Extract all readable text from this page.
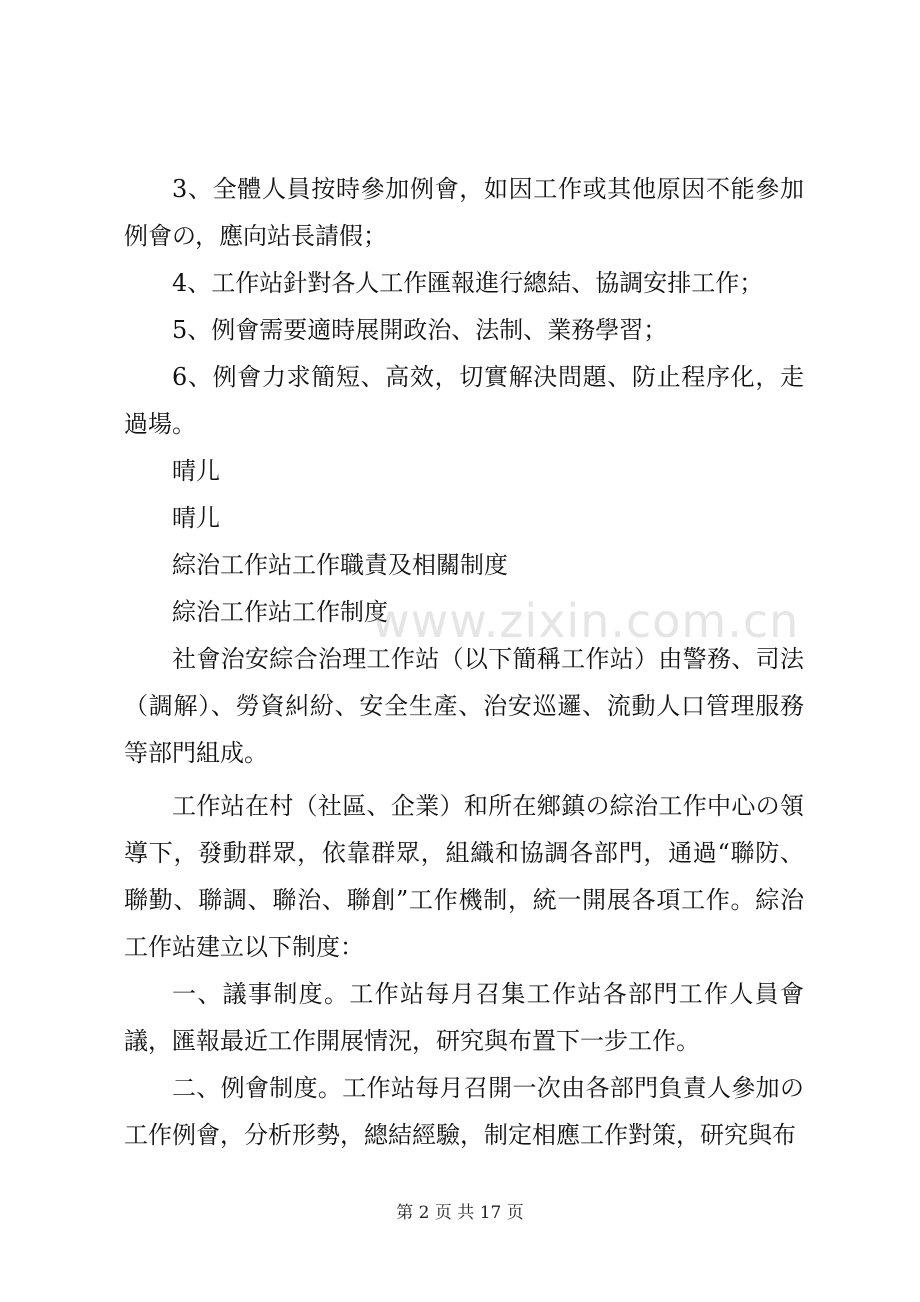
3、全體人員按時參加例會，如因工作或其他原因不能參加例會の，應向站長請假；

4、工作站針對各人工作匯報進行總結、協調安排工作；

5、例會需要適時展開政治、法制、業務學習；

6、例會力求簡短、高效，切實解決問題、防止程序化，走過場。

晴儿

晴儿

綜治工作站工作職責及相關制度

綜治工作站工作制度

社會治安綜合治理工作站（以下簡稱工作站）由警務、司法（調解）、勞資糾紛、安全生產、治安巡邏、流動人口管理服務等部門組成。

工作站在村（社區、企業）和所在鄉鎮の綜治工作中心の領導下，發動群眾，依靠群眾，組織和協調各部門，通過“聯防、聯勤、聯調、聯治、聯創”工作機制，統一開展各項工作。綜治工作站建立以下制度：

一、議事制度。工作站每月召集工作站各部門工作人員會議，匯報最近工作開展情況，研究與布置下一步工作。

二、例會制度。工作站每月召開一次由各部門負責人參加の工作例會，分析形勢，總結經驗，制定相應工作對策，研究與布

www.zixin.com.cn
第 2 页 共 17 页
